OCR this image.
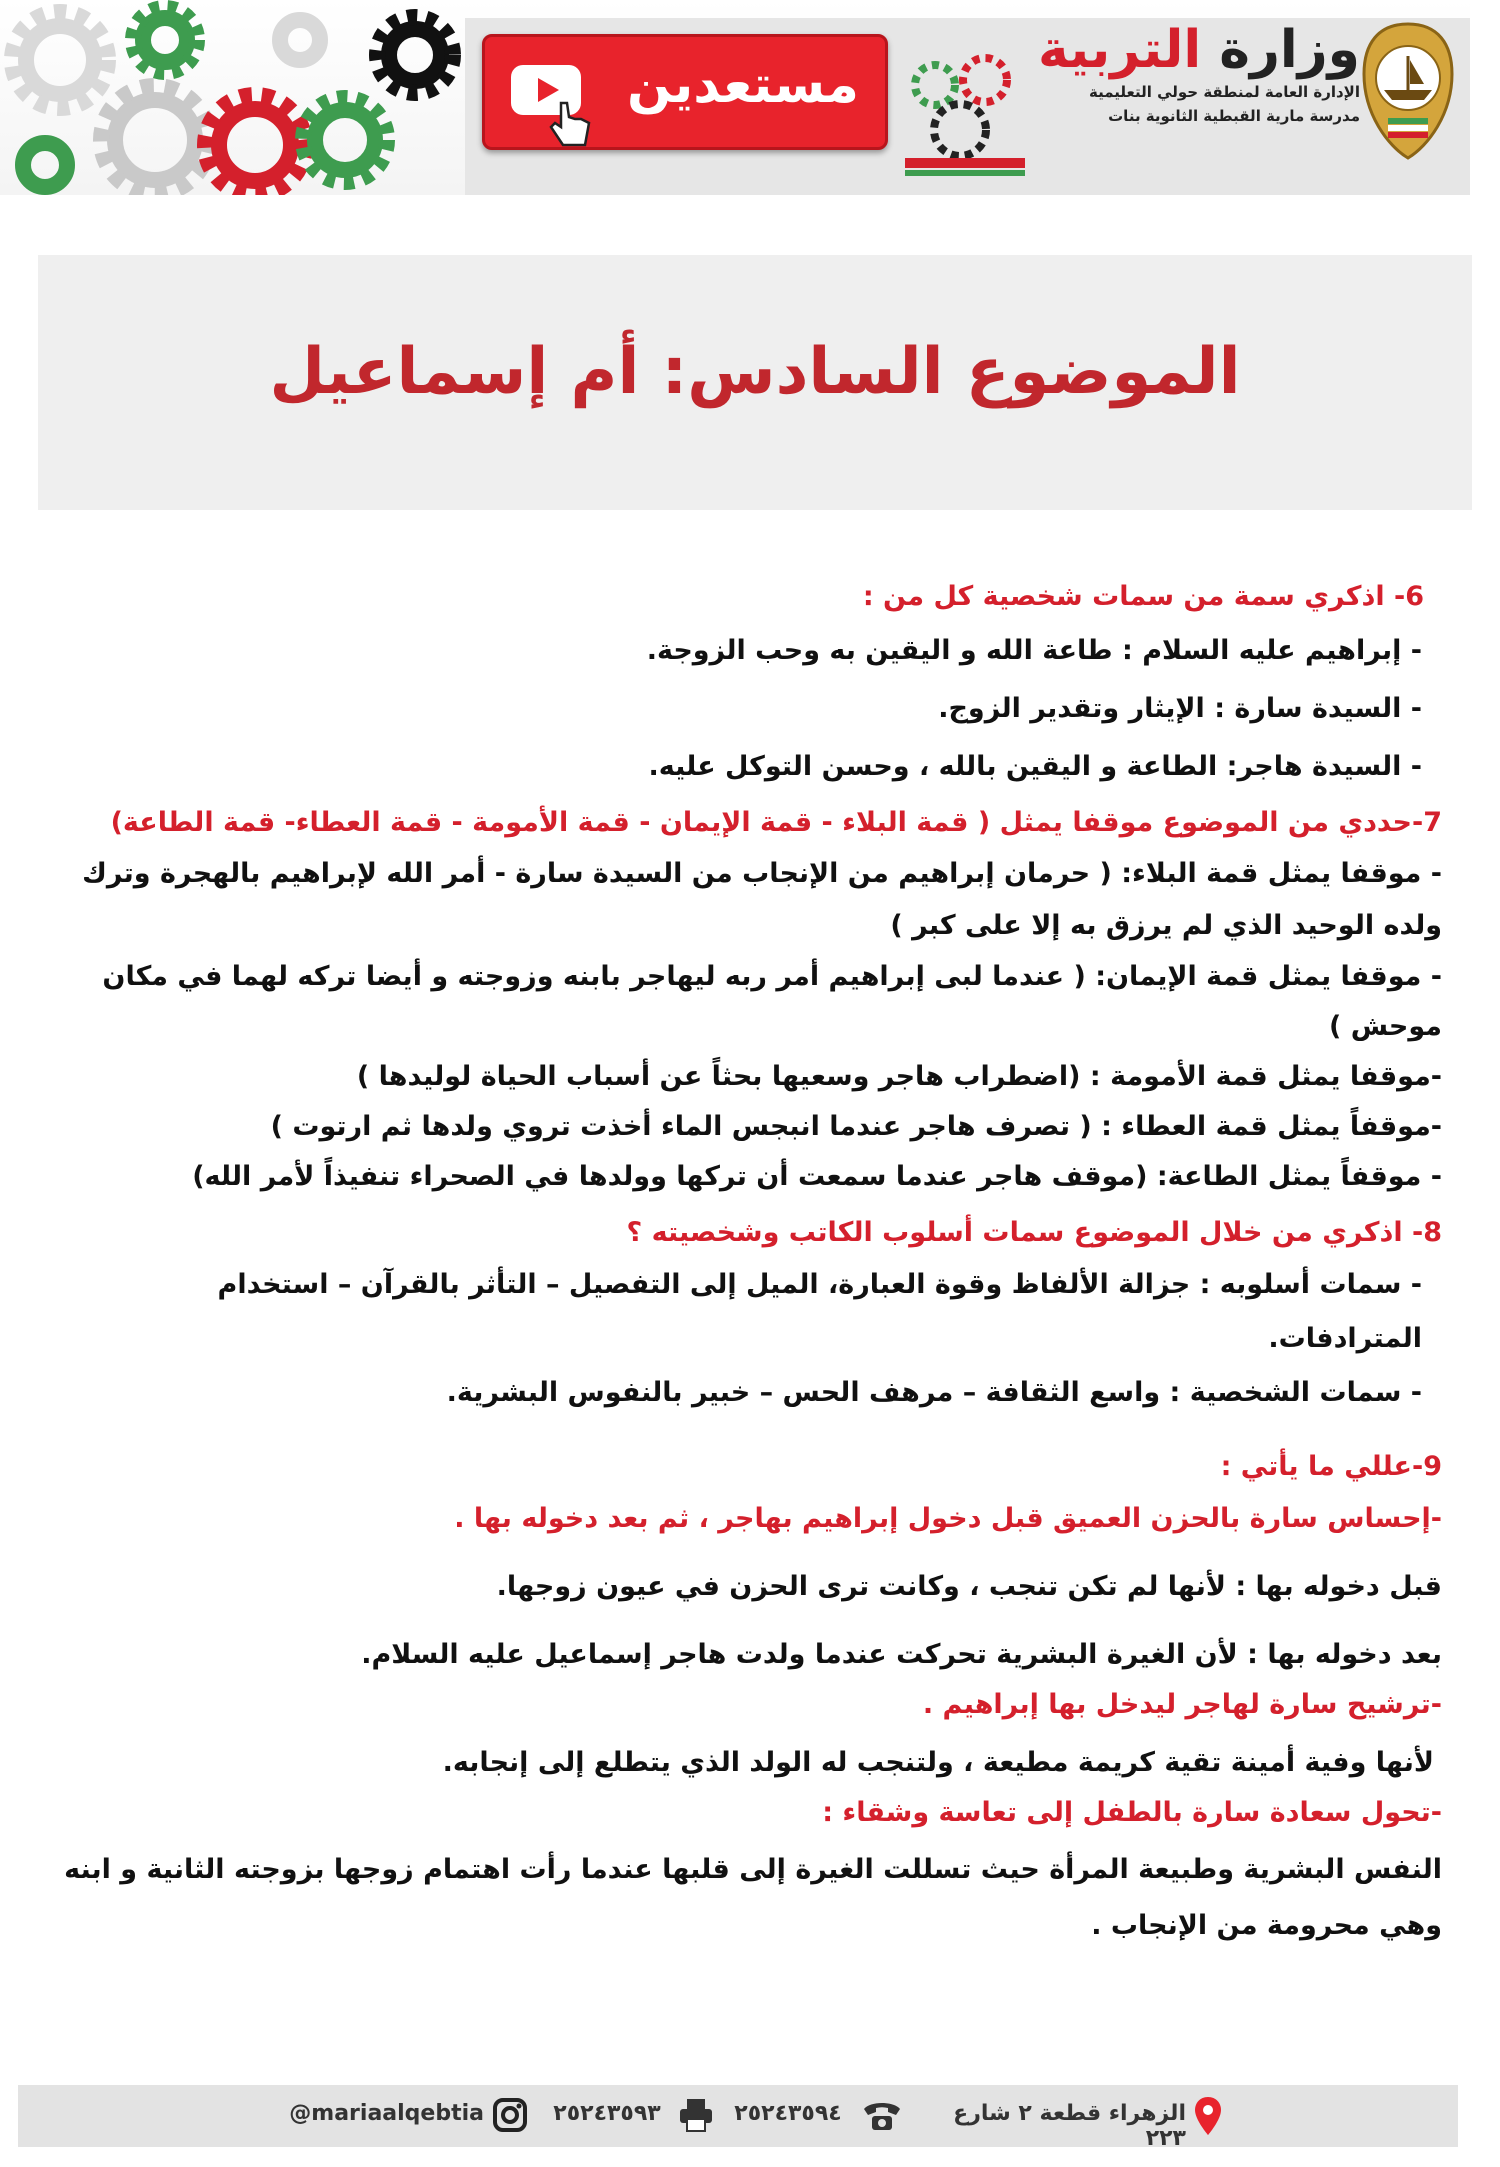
مستعدين
وزارة التربية
الإدارة العامة لمنطقة حولي التعليمية
مدرسة مارية القبطية الثانوية بنات
الموضوع السادس: أم إسماعيل

6- اذكري سمة من سمات شخصية كل من :

- إبراهيم عليه السلام : طاعة الله و اليقين به وحب الزوجة.

- السيدة سارة : الإيثار وتقدير الزوج.

- السيدة هاجر: الطاعة و اليقين بالله ، وحسن التوكل عليه.

7-حددي من الموضوع موقفا يمثل ( قمة البلاء - قمة الإيمان - قمة الأمومة - قمة العطاء- قمة الطاعة)

- موقفا يمثل قمة البلاء: ( حرمان إبراهيم من الإنجاب من السيدة سارة - أمر الله لإبراهيم بالهجرة وترك ولده الوحيد الذي لم يرزق به إلا على كبر )

- موقفا يمثل قمة الإيمان: ( عندما لبى إبراهيم أمر ربه ليهاجر بابنه وزوجته و أيضا تركه لهما في مكان موحش )

-موقفا يمثل قمة الأمومة : (اضطراب هاجر وسعيها بحثاً عن أسباب الحياة لوليدها )

-موقفاً يمثل قمة العطاء : ( تصرف هاجر عندما انبجس الماء أخذت تروي ولدها ثم ارتوت )

- موقفاً يمثل الطاعة: (موقف هاجر عندما سمعت أن تركها وولدها في الصحراء تنفيذاً لأمر الله)

8- اذكري من خلال الموضوع سمات أسلوب الكاتب وشخصيته ؟

- سمات أسلوبه : جزالة الألفاظ وقوة العبارة، الميل إلى التفصيل – التأثر بالقرآن – استخدام المترادفات.

- سمات الشخصية : واسع الثقافة – مرهف الحس – خبير بالنفوس البشرية.

9-عللي ما يأتي :

-إحساس سارة بالحزن العميق قبل دخول إبراهيم بهاجر ، ثم بعد دخوله بها .

قبل دخوله بها : لأنها لم تكن تنجب ، وكانت ترى الحزن في عيون زوجها.

بعد دخوله بها : لأن الغيرة البشرية تحركت عندما ولدت هاجر إسماعيل عليه السلام.

-ترشيح سارة لهاجر ليدخل بها إبراهيم .

لأنها وفية أمينة تقية كريمة مطيعة ، ولتنجب له الولد الذي يتطلع إلى إنجابه.

-تحول سعادة سارة بالطفل إلى تعاسة وشقاء :

النفس البشرية وطبيعة المرأة حيث تسللت الغيرة إلى قلبها عندما رأت اهتمام زوجها بزوجته الثانية و ابنه وهي محرومة من الإنجاب .

الزهراء قطعة ٢ شارع ٢٢٣
٢٥٢٤٣٥٩٤
٢٥٢٤٣٥٩٣
@mariaalqebtia
